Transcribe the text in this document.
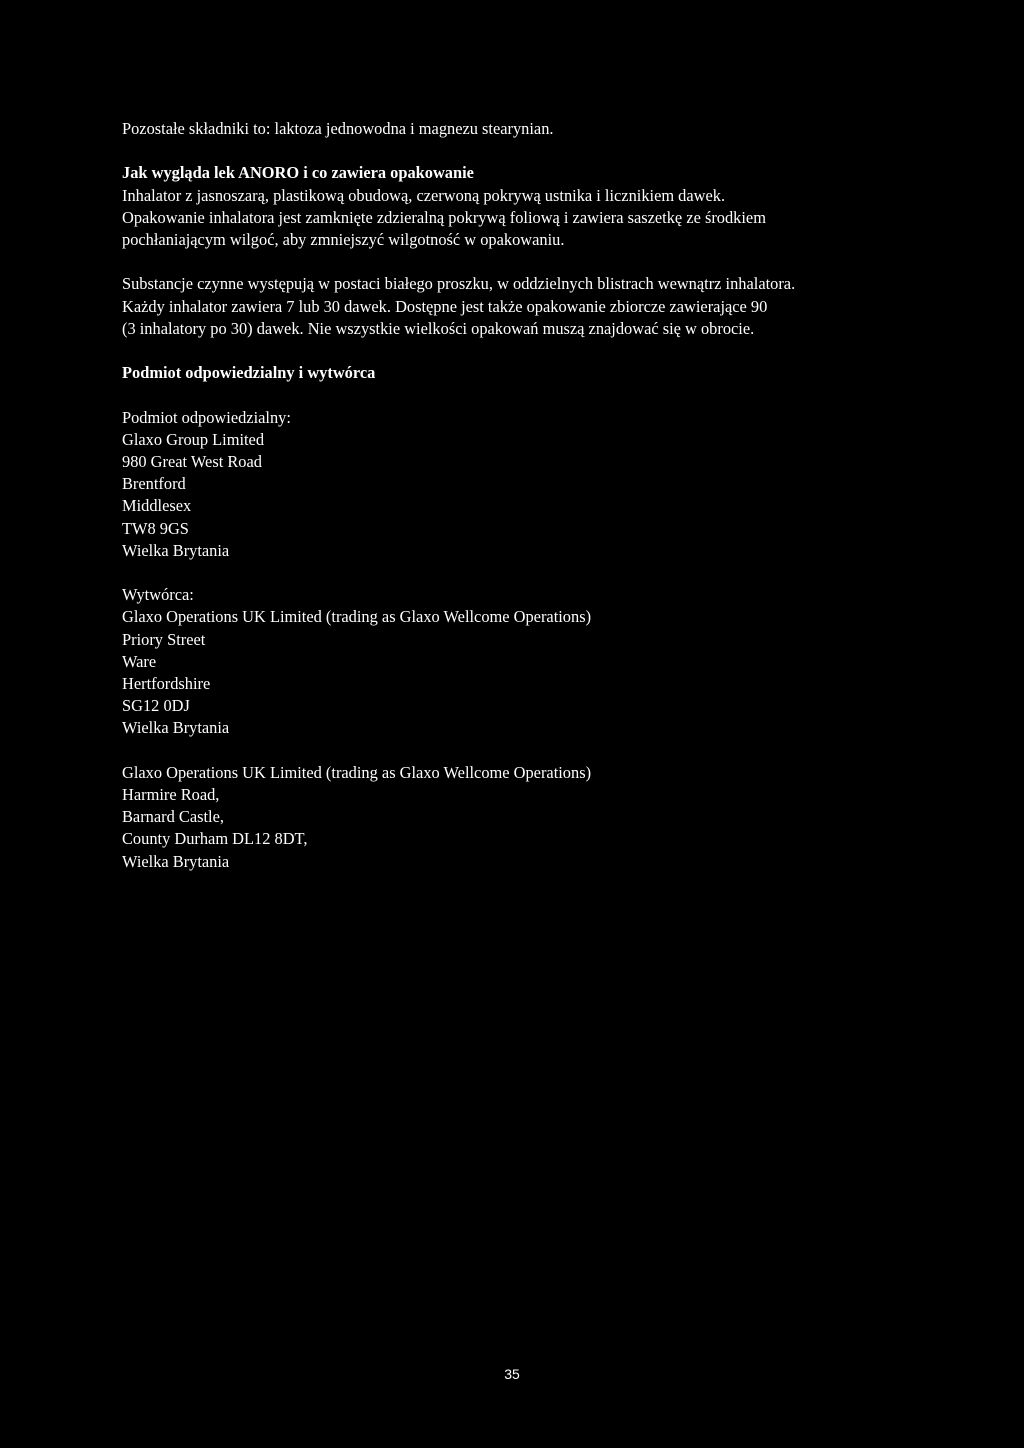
Pozostałe składniki to: laktoza jednowodna i magnezu stearynian.
Jak wygląda lek ANORO i co zawiera opakowanie
Inhalator z jasnoszarą, plastikową obudową, czerwoną pokrywą ustnika i licznikiem dawek.
Opakowanie inhalatora jest zamknięte zdzieralną pokrywą foliową i zawiera saszetkę ze środkiem
pochłaniającym wilgoć, aby zmniejszyć wilgotność w opakowaniu.
Substancje czynne występują w postaci białego proszku, w oddzielnych blistrach wewnątrz inhalatora.
Każdy inhalator zawiera 7 lub 30 dawek. Dostępne jest także opakowanie zbiorcze zawierające 90
(3 inhalatory po 30) dawek. Nie wszystkie wielkości opakowań muszą znajdować się w obrocie.
Podmiot odpowiedzialny i wytwórca
Podmiot odpowiedzialny:
Glaxo Group Limited
980 Great West Road
Brentford
Middlesex
TW8 9GS
Wielka Brytania
Wytwórca:
Glaxo Operations UK Limited (trading as Glaxo Wellcome Operations)
Priory Street
Ware
Hertfordshire
SG12 0DJ
Wielka Brytania
Glaxo Operations UK Limited (trading as Glaxo Wellcome Operations)
Harmire Road,
Barnard Castle,
County Durham DL12 8DT,
Wielka Brytania
35
